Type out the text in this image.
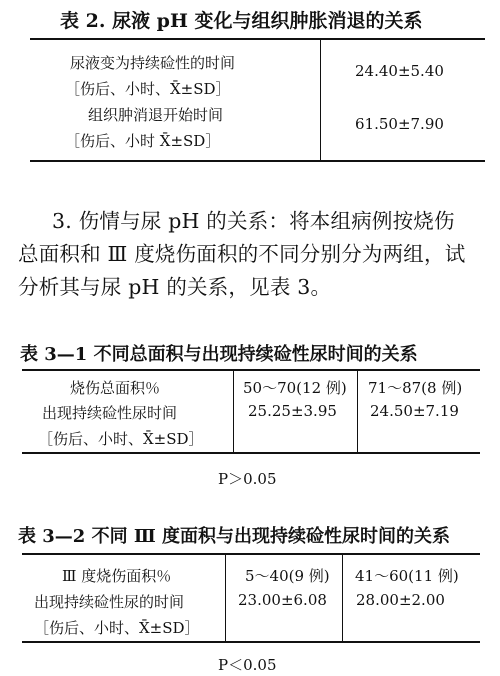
表 2. 尿液 pH 变化与组织肿胀消退的关系
尿液变为持续硷性的时间
［伤后、小时、X̄±SD］
24.40±5.40
组织肿消退开始时间
［伤后、小时 X̄±SD］
61.50±7.90
3. 伤情与尿 pH 的关系：将本组病例按烧伤
总面积和 Ⅲ 度烧伤面积的不同分别分为两组，试
分析其与尿 pH 的关系，见表 3。
表 3—1 不同总面积与出现持续硷性尿时间的关系
烧伤总面积％
出现持续硷性尿时间
［伤后、小时、X̄±SD］
50～70(12 例)
25.25±3.95
71～87(8 例)
24.50±7.19
P＞0.05
表 3—2 不同 Ⅲ 度面积与出现持续硷性尿时间的关系
Ⅲ 度烧伤面积％
出现持续硷性尿的时间
［伤后、小时、X̄±SD］
5～40(9 例)
23.00±6.08
41～60(11 例)
28.00±2.00
P＜0.05
